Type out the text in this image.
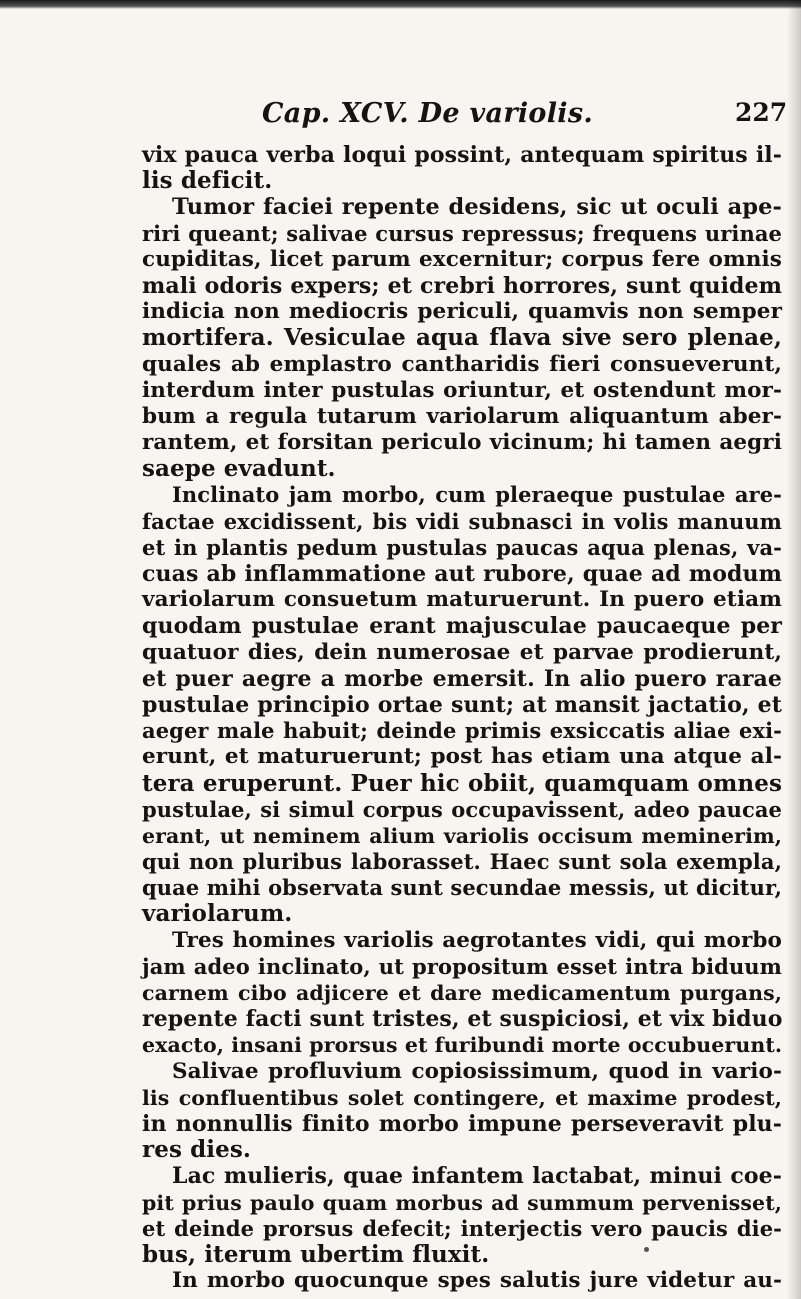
Cap. XCV. De variolis.	227
vix pauca verba loqui possint, antequam spiritus il-
lis deficit.
Tumor faciei repente desidens, sic ut oculi ape-
riri queant; salivae cursus repressus; frequens urinae
cupiditas, licet parum excernitur; corpus fere omnis
mali odoris expers; et crebri horrores, sunt quidem
indicia non mediocris periculi, quamvis non semper
mortifera. Vesiculae aqua flava sive sero plenae,
quales ab emplastro cantharidis fieri consueverunt,
interdum inter pustulas oriuntur, et ostendunt mor-
bum a regula tutarum variolarum aliquantum aber-
rantem, et forsitan periculo vicinum; hi tamen aegri
saepe evadunt.
Inclinato jam morbo, cum pleraeque pustulae are-
factae excidissent, bis vidi subnasci in volis manuum
et in plantis pedum pustulas paucas aqua plenas, va-
cuas ab inflammatione aut rubore, quae ad modum
variolarum consuetum maturuerunt. In puero etiam
quodam pustulae erant majusculae paucaeque per
quatuor dies, dein numerosae et parvae prodierunt,
et puer aegre a morbe emersit. In alio puero rarae
pustulae principio ortae sunt; at mansit jactatio, et
aeger male habuit; deinde primis exsiccatis aliae exi-
erunt, et maturuerunt; post has etiam una atque al-
tera eruperunt. Puer hic obiit, quamquam omnes
pustulae, si simul corpus occupavissent, adeo paucae
erant, ut neminem alium variolis occisum meminerim,
qui non pluribus laborasset. Haec sunt sola exempla,
quae mihi observata sunt secundae messis, ut dicitur,
variolarum.
Tres homines variolis aegrotantes vidi, qui morbo
jam adeo inclinato, ut propositum esset intra biduum
carnem cibo adjicere et dare medicamentum purgans,
repente facti sunt tristes, et suspiciosi, et vix biduo
exacto, insani prorsus et furibundi morte occubuerunt.
Salivae profluvium copiosissimum, quod in vario-
lis confluentibus solet contingere, et maxime prodest,
in nonnullis finito morbo impune perseveravit plu-
res dies.
Lac mulieris, quae infantem lactabat, minui coe-
pit prius paulo quam morbus ad summum pervenisset,
et deinde prorsus defecit; interjectis vero paucis die-
bus, iterum ubertim fluxit.
In morbo quocunque spes salutis jure videtur au-
